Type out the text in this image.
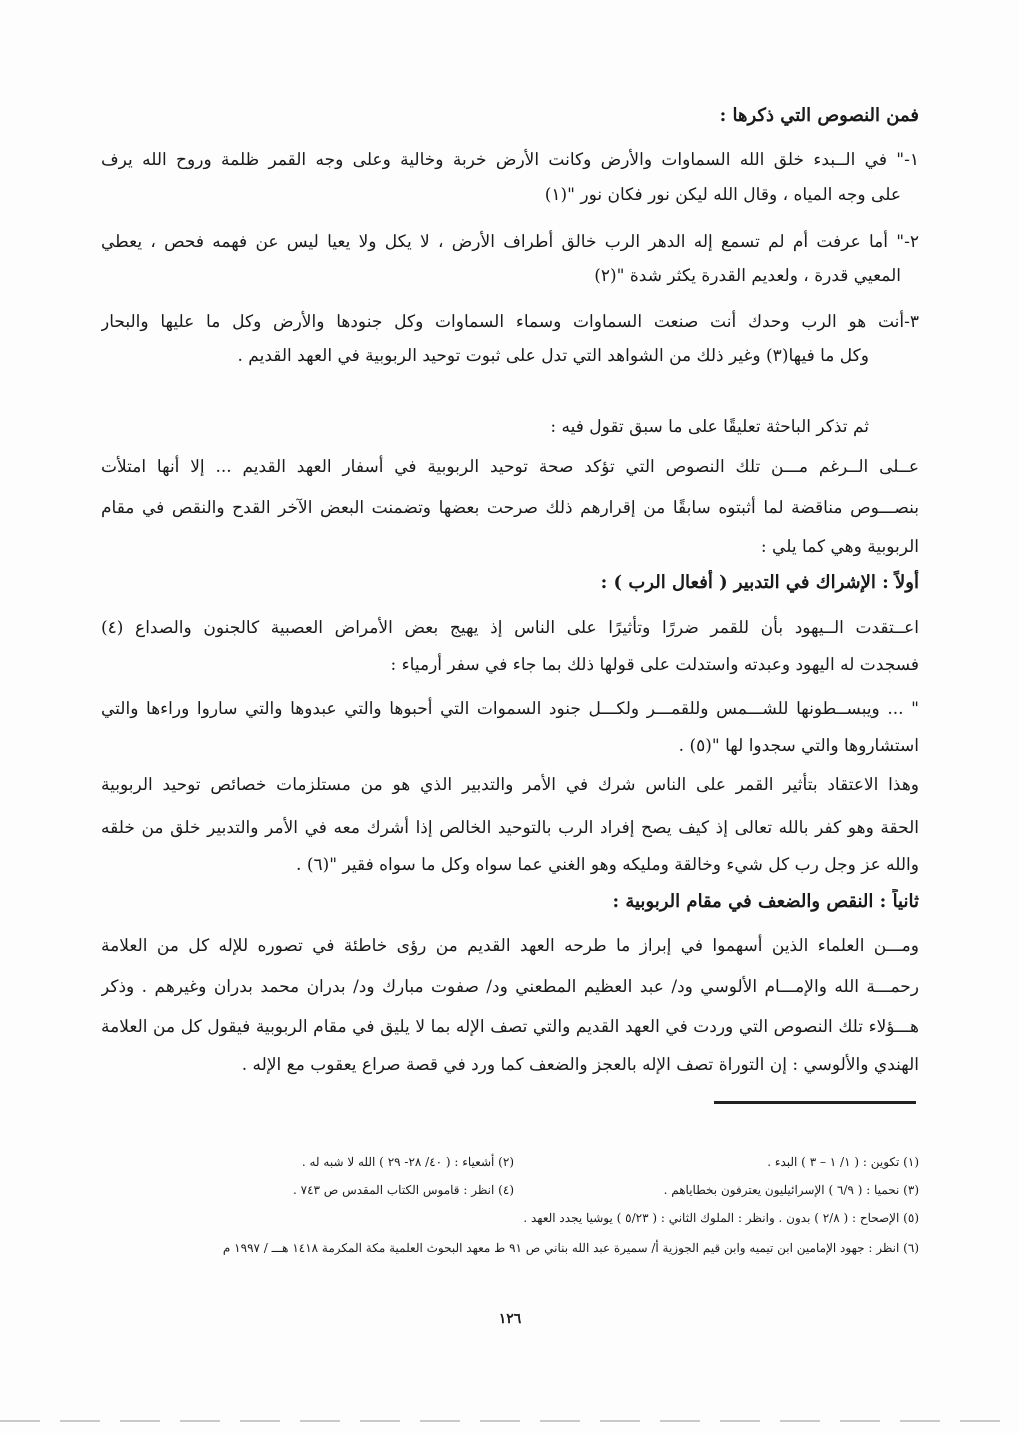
فمن النصوص التي ذكرها :
١-" في الــبدء خلق الله السماوات والأرض وكانت الأرض خربة وخالية وعلى وجه القمر ظلمة وروح الله يرف
على وجه المياه ، وقال الله ليكن نور فكان نور "(١)
٢-" أما عرفت أم لم تسمع إله الدهر الرب خالق أطراف الأرض ، لا يكل ولا يعيا ليس عن فهمه فحص ، يعطي
المعيي قدرة ، ولعديم القدرة يكثر شدة "(٢)
٣-أنت هو الرب وحدك أنت صنعت السماوات وسماء السماوات وكل جنودها والأرض وكل ما عليها والبحار
وكل ما فيها(٣) وغير ذلك من الشواهد التي تدل على ثبوت توحيد الربوبية في العهد القديم .
ثم تذكر الباحثة تعليقًا على ما سبق تقول فيه :
عــلى الــرغم مـــن تلك النصوص التي تؤكد صحة توحيد الربوبية في أسفار العهد القديم ... إلا أنها امتلأت
بنصـــوص مناقضة لما أثبتوه سابقًا من إقرارهم ذلك صرحت بعضها وتضمنت البعض الآخر القدح والنقص في مقام
الربوبية وهي كما يلي :
أولاً : الإشراك في التدبير ( أفعال الرب ) :
اعــتقدت الــيهود بأن للقمر ضررًا وتأثيرًا على الناس إذ يهيج بعض الأمراض العصبية كالجنون والصداع (٤)
فسجدت له اليهود وعبدته واستدلت على قولها ذلك بما جاء في سفر أرمياء :
" ... ويبســطونها للشـــمس وللقمـــر ولكـــل جنود السموات التي أحبوها والتي عبدوها والتي ساروا وراءها والتي
استشاروها والتي سجدوا لها "(٥) .
وهذا الاعتقاد بتأثير القمر على الناس شرك في الأمر والتدبير الذي هو من مستلزمات خصائص توحيد الربوبية
الحقة وهو كفر بالله تعالى إذ كيف يصح إفراد الرب بالتوحيد الخالص إذا أشرك معه في الأمر والتدبير خلق من خلقه
والله عز وجل رب كل شيء وخالقة ومليكه وهو الغني عما سواه وكل ما سواه فقير "(٦) .
ثانياً : النقص والضعف في مقام الربوبية :
ومـــن العلماء الذين أسهموا في إبراز ما طرحه العهد القديم من رؤى خاطئة في تصوره للإله كل من العلامة
رحمـــة الله والإمـــام الألوسي ود/ عبد العظيم المطعني ود/ صفوت مبارك ود/ بدران محمد بدران وغيرهم . وذكر
هـــؤلاء تلك النصوص التي وردت في العهد القديم والتي تصف الإله بما لا يليق في مقام الربوبية فيقول كل من العلامة
الهندي والألوسي : إن التوراة تصف الإله بالعجز والضعف كما ورد في قصة صراع يعقوب مع الإله .
(١) تكوين : ( ١/ ١ – ٣ ) البدء .
(٢) أشعياء : ( ٤٠/ ٢٨- ٢٩ ) الله لا شبه له .
(٣) نحميا : ( ٦/٩ ) الإسرائيليون يعترفون بخطاياهم .
(٤) انظر : قاموس الكتاب المقدس ص ٧٤٣ .
(٥) الإصحاح : ( ٢/٨ ) بدون . وانظر : الملوك الثاني : ( ٥/٢٣ ) يوشيا يجدد العهد .
(٦) انظر : جهود الإمامين ابن تيميه وابن قيم الجوزية أ/ سميرة عبد الله بناني ص ٩١ ط معهد البحوث العلمية مكة المكرمة ١٤١٨ هـــ / ١٩٩٧ م
١٢٦
